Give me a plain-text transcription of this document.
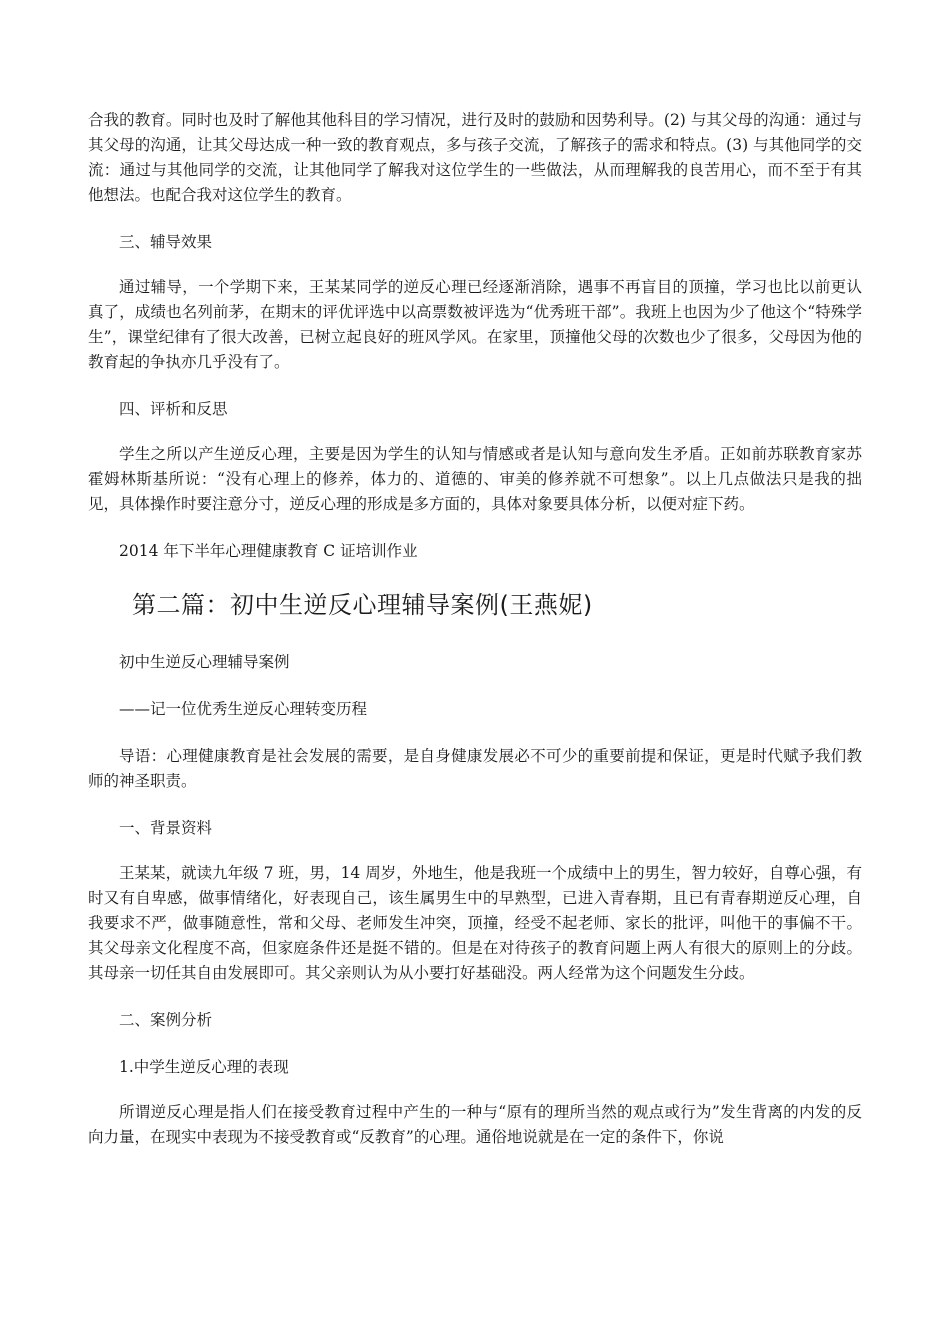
合我的教育。同时也及时了解他其他科目的学习情况，进行及时的鼓励和因势利导。(2) 与其父母的沟通：通过与其父母的沟通，让其父母达成一种一致的教育观点，多与孩子交流，了解孩子的需求和特点。(3) 与其他同学的交流：通过与其他同学的交流，让其他同学了解我对这位学生的一些做法，从而理解我的良苦用心，而不至于有其他想法。也配合我对这位学生的教育。

三、辅导效果

通过辅导，一个学期下来，王某某同学的逆反心理已经逐渐消除，遇事不再盲目的顶撞，学习也比以前更认真了，成绩也名列前茅，在期末的评优评选中以高票数被评选为“优秀班干部”。我班上也因为少了他这个“特殊学生”，课堂纪律有了很大改善，已树立起良好的班风学风。在家里，顶撞他父母的次数也少了很多，父母因为他的教育起的争执亦几乎没有了。

四、评析和反思

学生之所以产生逆反心理，主要是因为学生的认知与情感或者是认知与意向发生矛盾。正如前苏联教育家苏霍姆林斯基所说：“没有心理上的修养，体力的、道德的、审美的修养就不可想象”。以上几点做法只是我的拙见，具体操作时要注意分寸，逆反心理的形成是多方面的，具体对象要具体分析，以便对症下药。

2014 年下半年心理健康教育 C 证培训作业

第二篇：初中生逆反心理辅导案例(王燕妮)

初中生逆反心理辅导案例

——记一位优秀生逆反心理转变历程

导语：心理健康教育是社会发展的需要，是自身健康发展必不可少的重要前提和保证，更是时代赋予我们教师的神圣职责。

一、背景资料

王某某，就读九年级 7 班，男，14 周岁，外地生，他是我班一个成绩中上的男生，智力较好，自尊心强，有时又有自卑感，做事情绪化，好表现自己，该生属男生中的早熟型，已进入青春期，且已有青春期逆反心理，自我要求不严，做事随意性，常和父母、老师发生冲突，顶撞，经受不起老师、家长的批评，叫他干的事偏不干。其父母亲文化程度不高，但家庭条件还是挺不错的。但是在对待孩子的教育问题上两人有很大的原则上的分歧。其母亲一切任其自由发展即可。其父亲则认为从小要打好基础没。两人经常为这个问题发生分歧。

二、案例分析

1.中学生逆反心理的表现

所谓逆反心理是指人们在接受教育过程中产生的一种与“原有的理所当然的观点或行为”发生背离的内发的反向力量，在现实中表现为不接受教育或“反教育”的心理。通俗地说就是在一定的条件下，你说
